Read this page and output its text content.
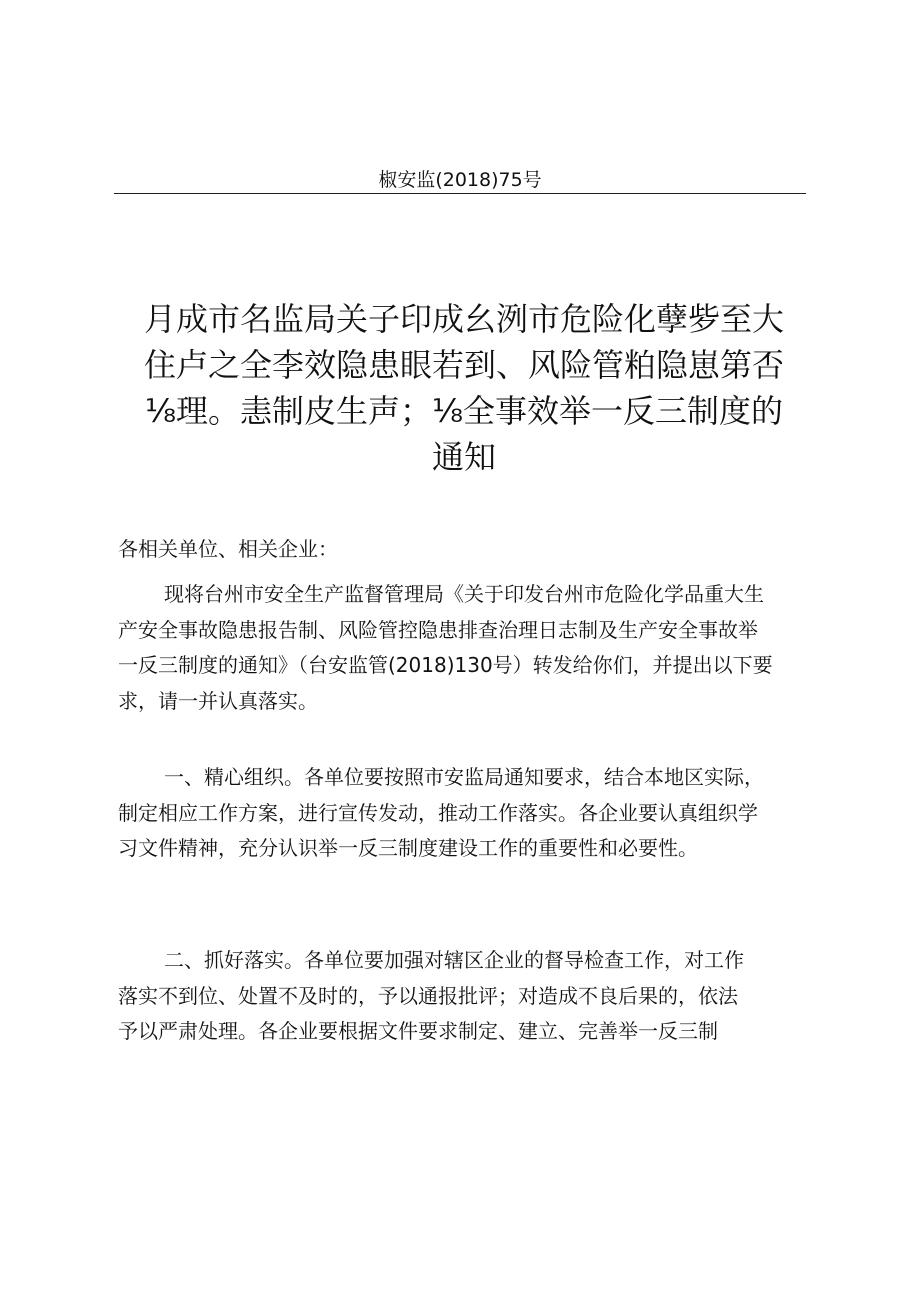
椒安监(2018)75号
月成市名监局关子印成幺洌市危险化孽㱔至大
住卢之全李效隐患眼若到、风险管粕隐崽第否
⅛理。恚制皮生声；⅛全事效举一反三制度的
通知
各相关单位、相关企业：
现将台州市安全生产监督管理局《关于印发台州市危险化学品重大生
产安全事故隐患报告制、风险管控隐患排查治理日志制及生产安全事故举
一反三制度的通知》（台安监管(2018)130号）转发给你们，并提出以下要
求，请一并认真落实。
一、精心组织。各单位要按照市安监局通知要求，结合本地区实际，
制定相应工作方案，进行宣传发动，推动工作落实。各企业要认真组织学
习文件精神，充分认识举一反三制度建设工作的重要性和必要性。
二、抓好落实。各单位要加强对辖区企业的督导检查工作，对工作
落实不到位、处置不及时的，予以通报批评；对造成不良后果的，依法
予以严肃处理。各企业要根据文件要求制定、建立、完善举一反三制
